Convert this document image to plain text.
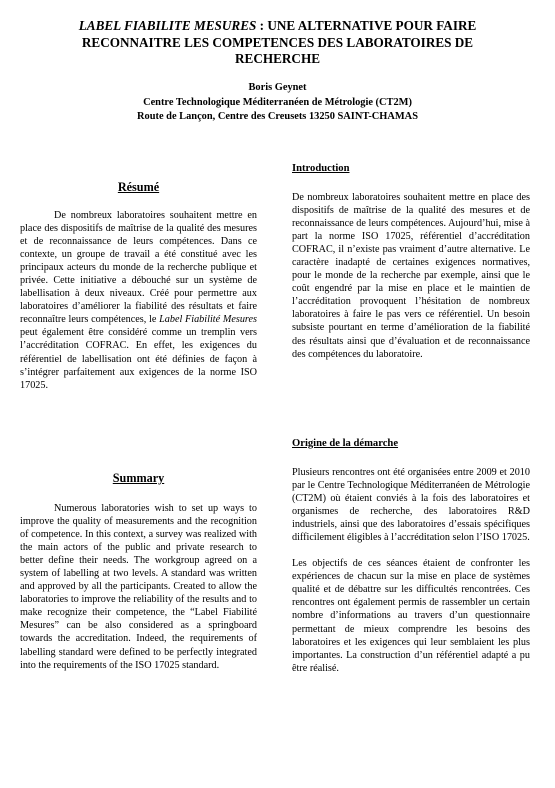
LABEL FIABILITE MESURES : UNE ALTERNATIVE POUR FAIRE RECONNAITRE LES COMPETENCES DES LABORATOIRES DE RECHERCHE
Boris Geynet
Centre Technologique Méditerranéen de Métrologie (CT2M)
Route de Lançon, Centre des Creusets 13250 SAINT-CHAMAS
Résumé

De nombreux laboratoires souhaitent mettre en place des dispositifs de maîtrise de la qualité des mesures et de reconnaissance de leurs compétences. Dans ce contexte, un groupe de travail a été constitué avec les principaux acteurs du monde de la recherche publique et privée. Cette initiative a débouché sur un système de labellisation à deux niveaux. Créé pour permettre aux laboratoires d’améliorer la fiabilité des résultats et faire reconnaître leurs compétences, le Label Fiabilité Mesures peut également être considéré comme un tremplin vers l’accréditation COFRAC. En effet, les exigences du référentiel de labellisation ont été définies de façon à s’intégrer parfaitement aux exigences de la norme ISO 17025.

Summary

Numerous laboratories wish to set up ways to improve the quality of measurements and the recognition of competence. In this context, a survey was realized with the main actors of the public and private research to better define their needs. The workgroup agreed on a system of labelling at two levels. A standard was written and approved by all the participants. Created to allow the laboratories to improve the reliability of the results and to make recognize their competence, the “Label Fiabilité Mesures” can be also considered as a springboard towards the accreditation. Indeed, the requirements of labelling standard were defined to be perfectly integrated into the requirements of the ISO 17025 standard.

Introduction

De nombreux laboratoires souhaitent mettre en place des dispositifs de maîtrise de la qualité des mesures et de reconnaissance de leurs compétences. Aujourd’hui, mise à part la norme ISO 17025, référentiel d’accréditation COFRAC, il n’existe pas vraiment d’autre alternative. Le caractère inadapté de certaines exigences normatives, pour le monde de la recherche par exemple, ainsi que le coût engendré par la mise en place et le maintien de l’accréditation provoquent l’hésitation de nombreux laboratoires à faire le pas vers ce référentiel. Un besoin subsiste pourtant en terme d’amélioration de la fiabilité des résultats ainsi que d’évaluation et de reconnaissance des compétences du laboratoire.

Origine de la démarche

Plusieurs rencontres ont été organisées entre 2009 et 2010 par le Centre Technologique Méditerranéen de Métrologie (CT2M) où étaient conviés à la fois des laboratoires et organismes de recherche, des laboratoires R&D industriels, ainsi que des laboratoires d’essais spécifiques difficilement éligibles à l’accréditation selon l’ISO 17025.

Les objectifs de ces séances étaient de confronter les expériences de chacun sur la mise en place de systèmes qualité et de débattre sur les difficultés rencontrées. Ces rencontres ont également permis de rassembler un certain nombre d’informations au travers d’un questionnaire permettant de mieux comprendre les besoins des laboratoires et les exigences qui leur semblaient les plus importantes. La construction d’un référentiel adapté a pu être réalisé.
